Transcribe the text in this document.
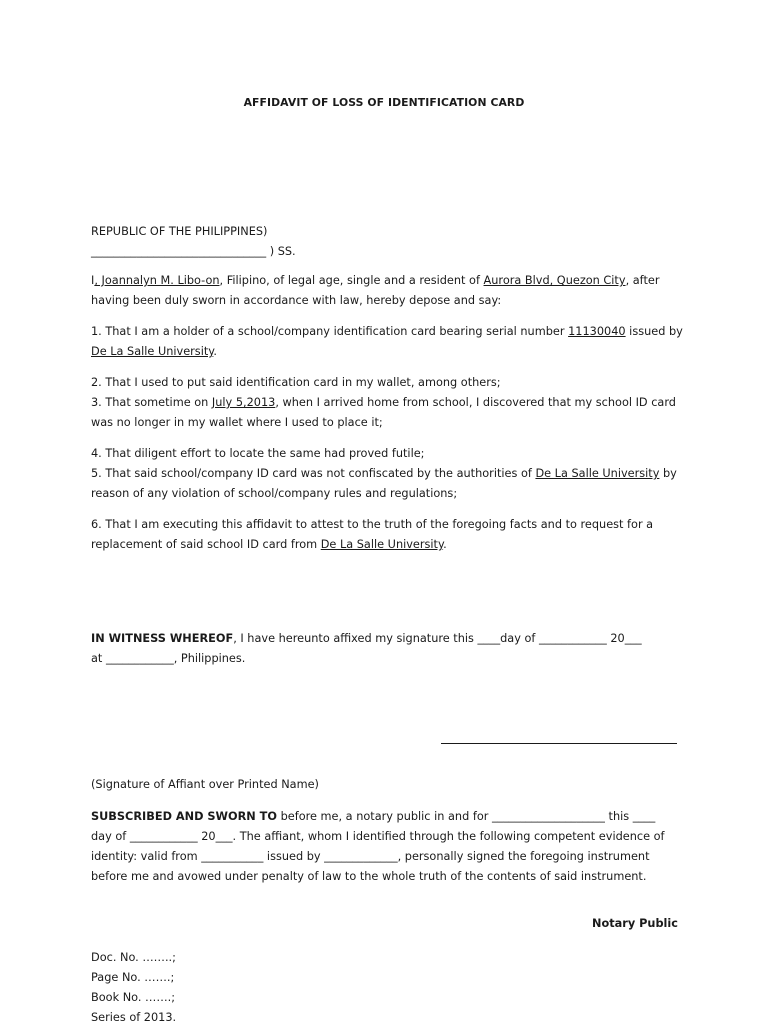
AFFIDAVIT OF LOSS OF IDENTIFICATION CARD
REPUBLIC OF THE PHILIPPINES)
_______________________________ ) SS.

I, Joannalyn M. Libo-on, Filipino, of legal age, single and a resident of Aurora Blvd, Quezon City, after having been duly sworn in accordance with law, hereby depose and say:

1. That I am a holder of a school/company identification card bearing serial number 11130040 issued by De La Salle University.

2. That I used to put said identification card in my wallet, among others;
3. That sometime on July 5,2013, when I arrived home from school, I discovered that my school ID card was no longer in my wallet where I used to place it;
4. That diligent effort to locate the same had proved futile;
5. That said school/company ID card was not confiscated by the authorities of De La Salle University by reason of any violation of school/company rules and regulations;

6. That I am executing this affidavit to attest to the truth of the foregoing facts and to request for a replacement of said school ID card from De La Salle University.

IN WITNESS WHEREOF, I have hereunto affixed my signature this ____day of ____________ 20___ at ____________, Philippines.

(Signature of Affiant over Printed Name)

SUBSCRIBED AND SWORN TO before me, a notary public in and for ____________________ this ____ day of ____________ 20___. The affiant, whom I identified through the following competent evidence of identity: valid from ___________ issued by _____________, personally signed the foregoing instrument before me and avowed under penalty of law to the whole truth of the contents of said instrument.

Notary Public
Doc. No. ……..;
Page No. …….;
Book No. …….;
Series of 2013.
